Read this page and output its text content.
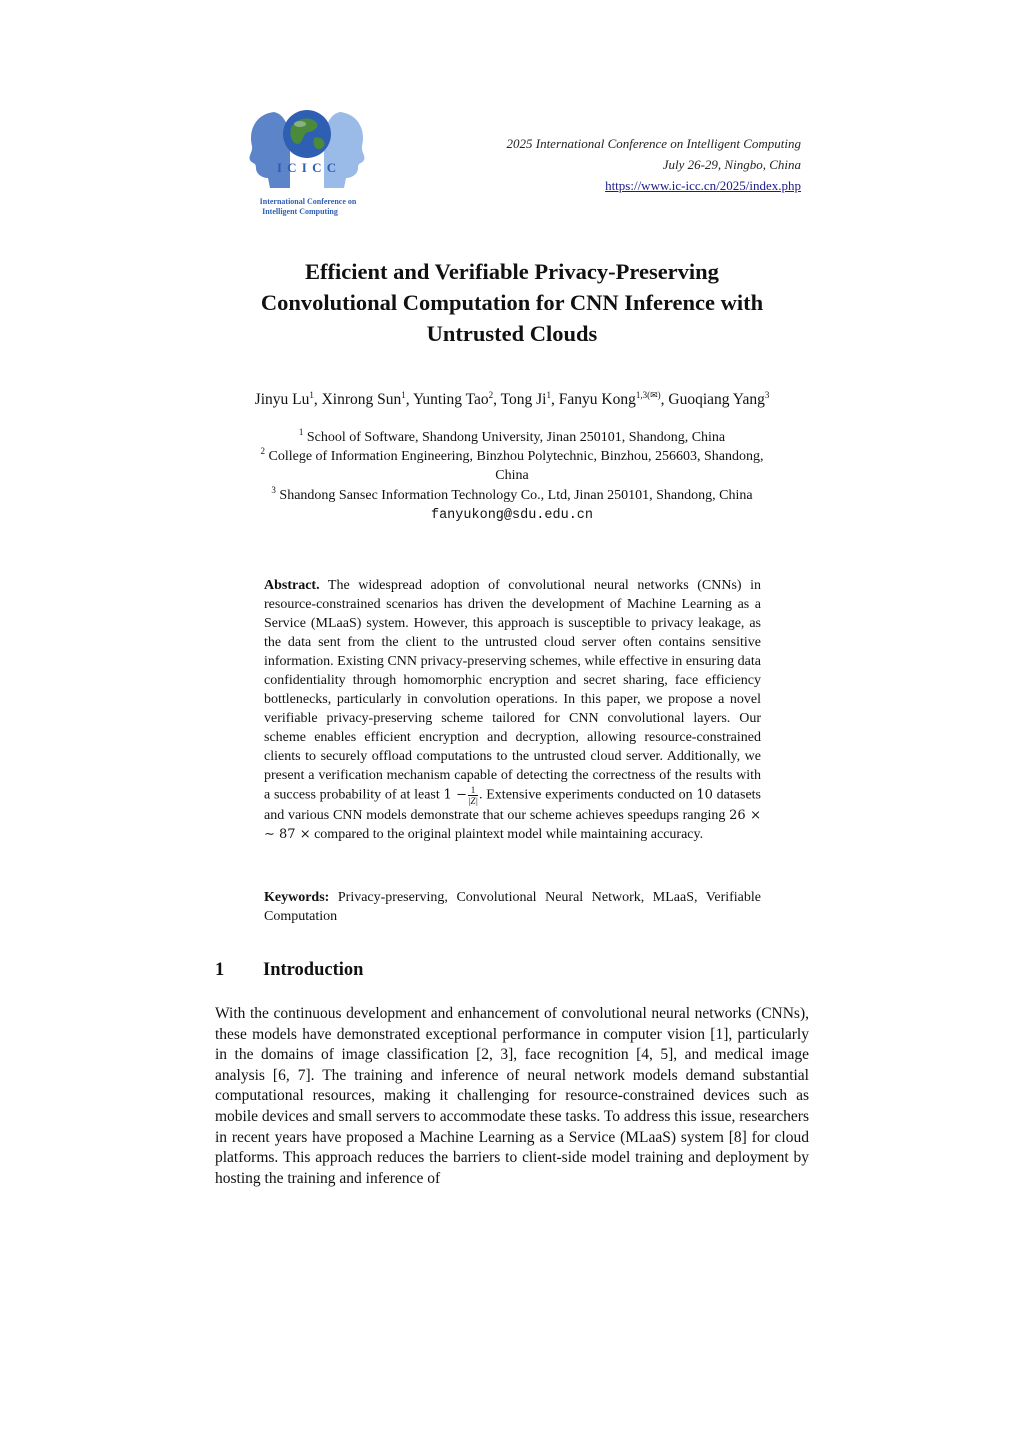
I C I C C
International Conference on
Intelligent Computing
2025 International Conference on Intelligent Computing
July 26-29, Ningbo, China
https://www.ic-icc.cn/2025/index.php
Efficient and Verifiable Privacy-Preserving
Convolutional Computation for CNN Inference with
Untrusted Clouds
Jinyu Lu$^1$, Xinrong Sun$^1$, Yunting Tao$^2$, Tong Ji$^1$, Fanyu Kong$^{1,3(✉)}$, Guoqiang Yang$^3$
$^1$ School of Software, Shandong University, Jinan 250101, Shandong, China
$^2$ College of Information Engineering, Binzhou Polytechnic, Binzhou, 256603, Shandong,
China
$^3$ Shandong Sansec Information Technology Co., Ltd, Jinan 250101, Shandong, China
fanyukong@sdu.edu.cn
Abstract. The widespread adoption of convolutional neural networks (CNNs) in resource-constrained scenarios has driven the development of Machine Learning as a Service (MLaaS) system. However, this approach is susceptible to privacy leakage, as the data sent from the client to the untrusted cloud server often contains sensitive information. Existing CNN privacy-preserving schemes, while effective in ensuring data confidentiality through homomorphic encryption and secret sharing, face efficiency bottlenecks, particularly in convolution operations. In this paper, we propose a novel verifiable privacy-preserving scheme tailored for CNN convolutional layers. Our scheme enables efficient encryption and decryption, allowing resource-constrained clients to securely offload computations to the untrusted cloud server. Additionally, we present a verification mechanism capable of detecting the correctness of the results with a success probability of at least $1 - \frac{1}{|Z|}$ . Extensive experiments conducted on 10 datasets and various CNN models demonstrate that our scheme achieves speedups ranging 26 × ∼ 87 × compared to the original plaintext model while maintaining accuracy.
Keywords: Privacy-preserving, Convolutional Neural Network, MLaaS, Verifiable Computation
1 Introduction
With the continuous development and enhancement of convolutional neural networks (CNNs), these models have demonstrated exceptional performance in computer vision [1], particularly in the domains of image classification [2, 3], face recognition [4, 5], and medical image analysis [6, 7]. The training and inference of neural network models demand substantial computational resources, making it challenging for resource-constrained devices such as mobile devices and small servers to accommodate these tasks. To address this issue, researchers in recent years have proposed a Machine Learning as a Service (MLaaS) system [8] for cloud platforms. This approach reduces the barriers to client-side model training and deployment by hosting the training and inference of
